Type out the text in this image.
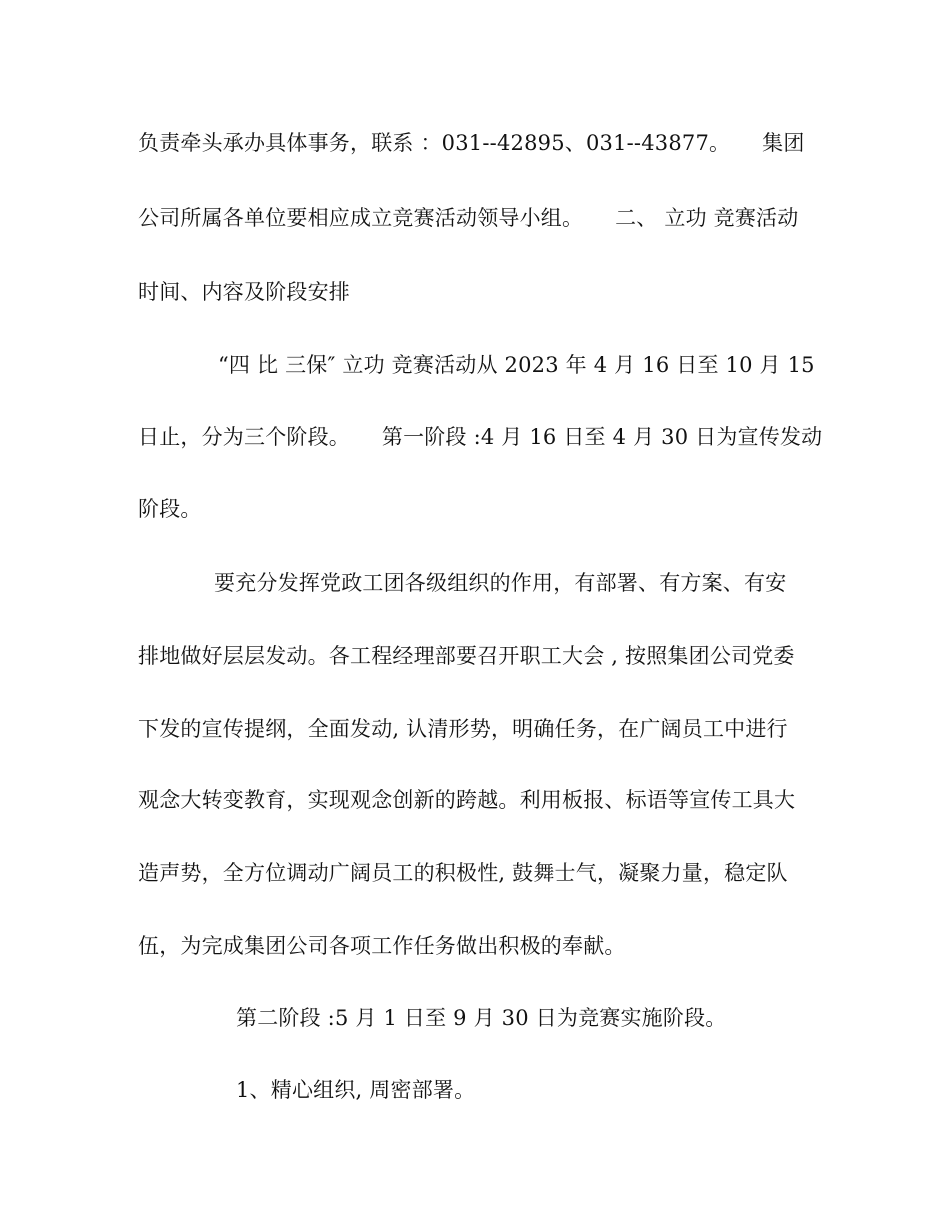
负责牵头承办具体事务，联系 ：031--42895、031--43877。　　集团
公司所属各单位要相应成立竞赛活动领导小组。　　二、 立功 竞赛活动
时间、内容及阶段安排
“四 比 三保″ 立功 竞赛活动从 2023 年 4 月 16 日至 10 月 15
日止，分为三个阶段。　　第一阶段 :4 月 16 日至 4 月 30 日为宣传发动
阶段。
要充分发挥党政工团各级组织的作用，有部署、有方案、有安
排地做好层层发动。各工程经理部要召开职工大会 , 按照集团公司党委
下发的宣传提纲，全面发动, 认清形势，明确任务，在广阔员工中进行
观念大转变教育，实现观念创新的跨越。利用板报、标语等宣传工具大
造声势，全方位调动广阔员工的积极性, 鼓舞士气，凝聚力量，稳定队
伍，为完成集团公司各项工作任务做出积极的奉献。
第二阶段 :5 月 1 日至 9 月 30 日为竞赛实施阶段。
1、精心组织, 周密部署。
